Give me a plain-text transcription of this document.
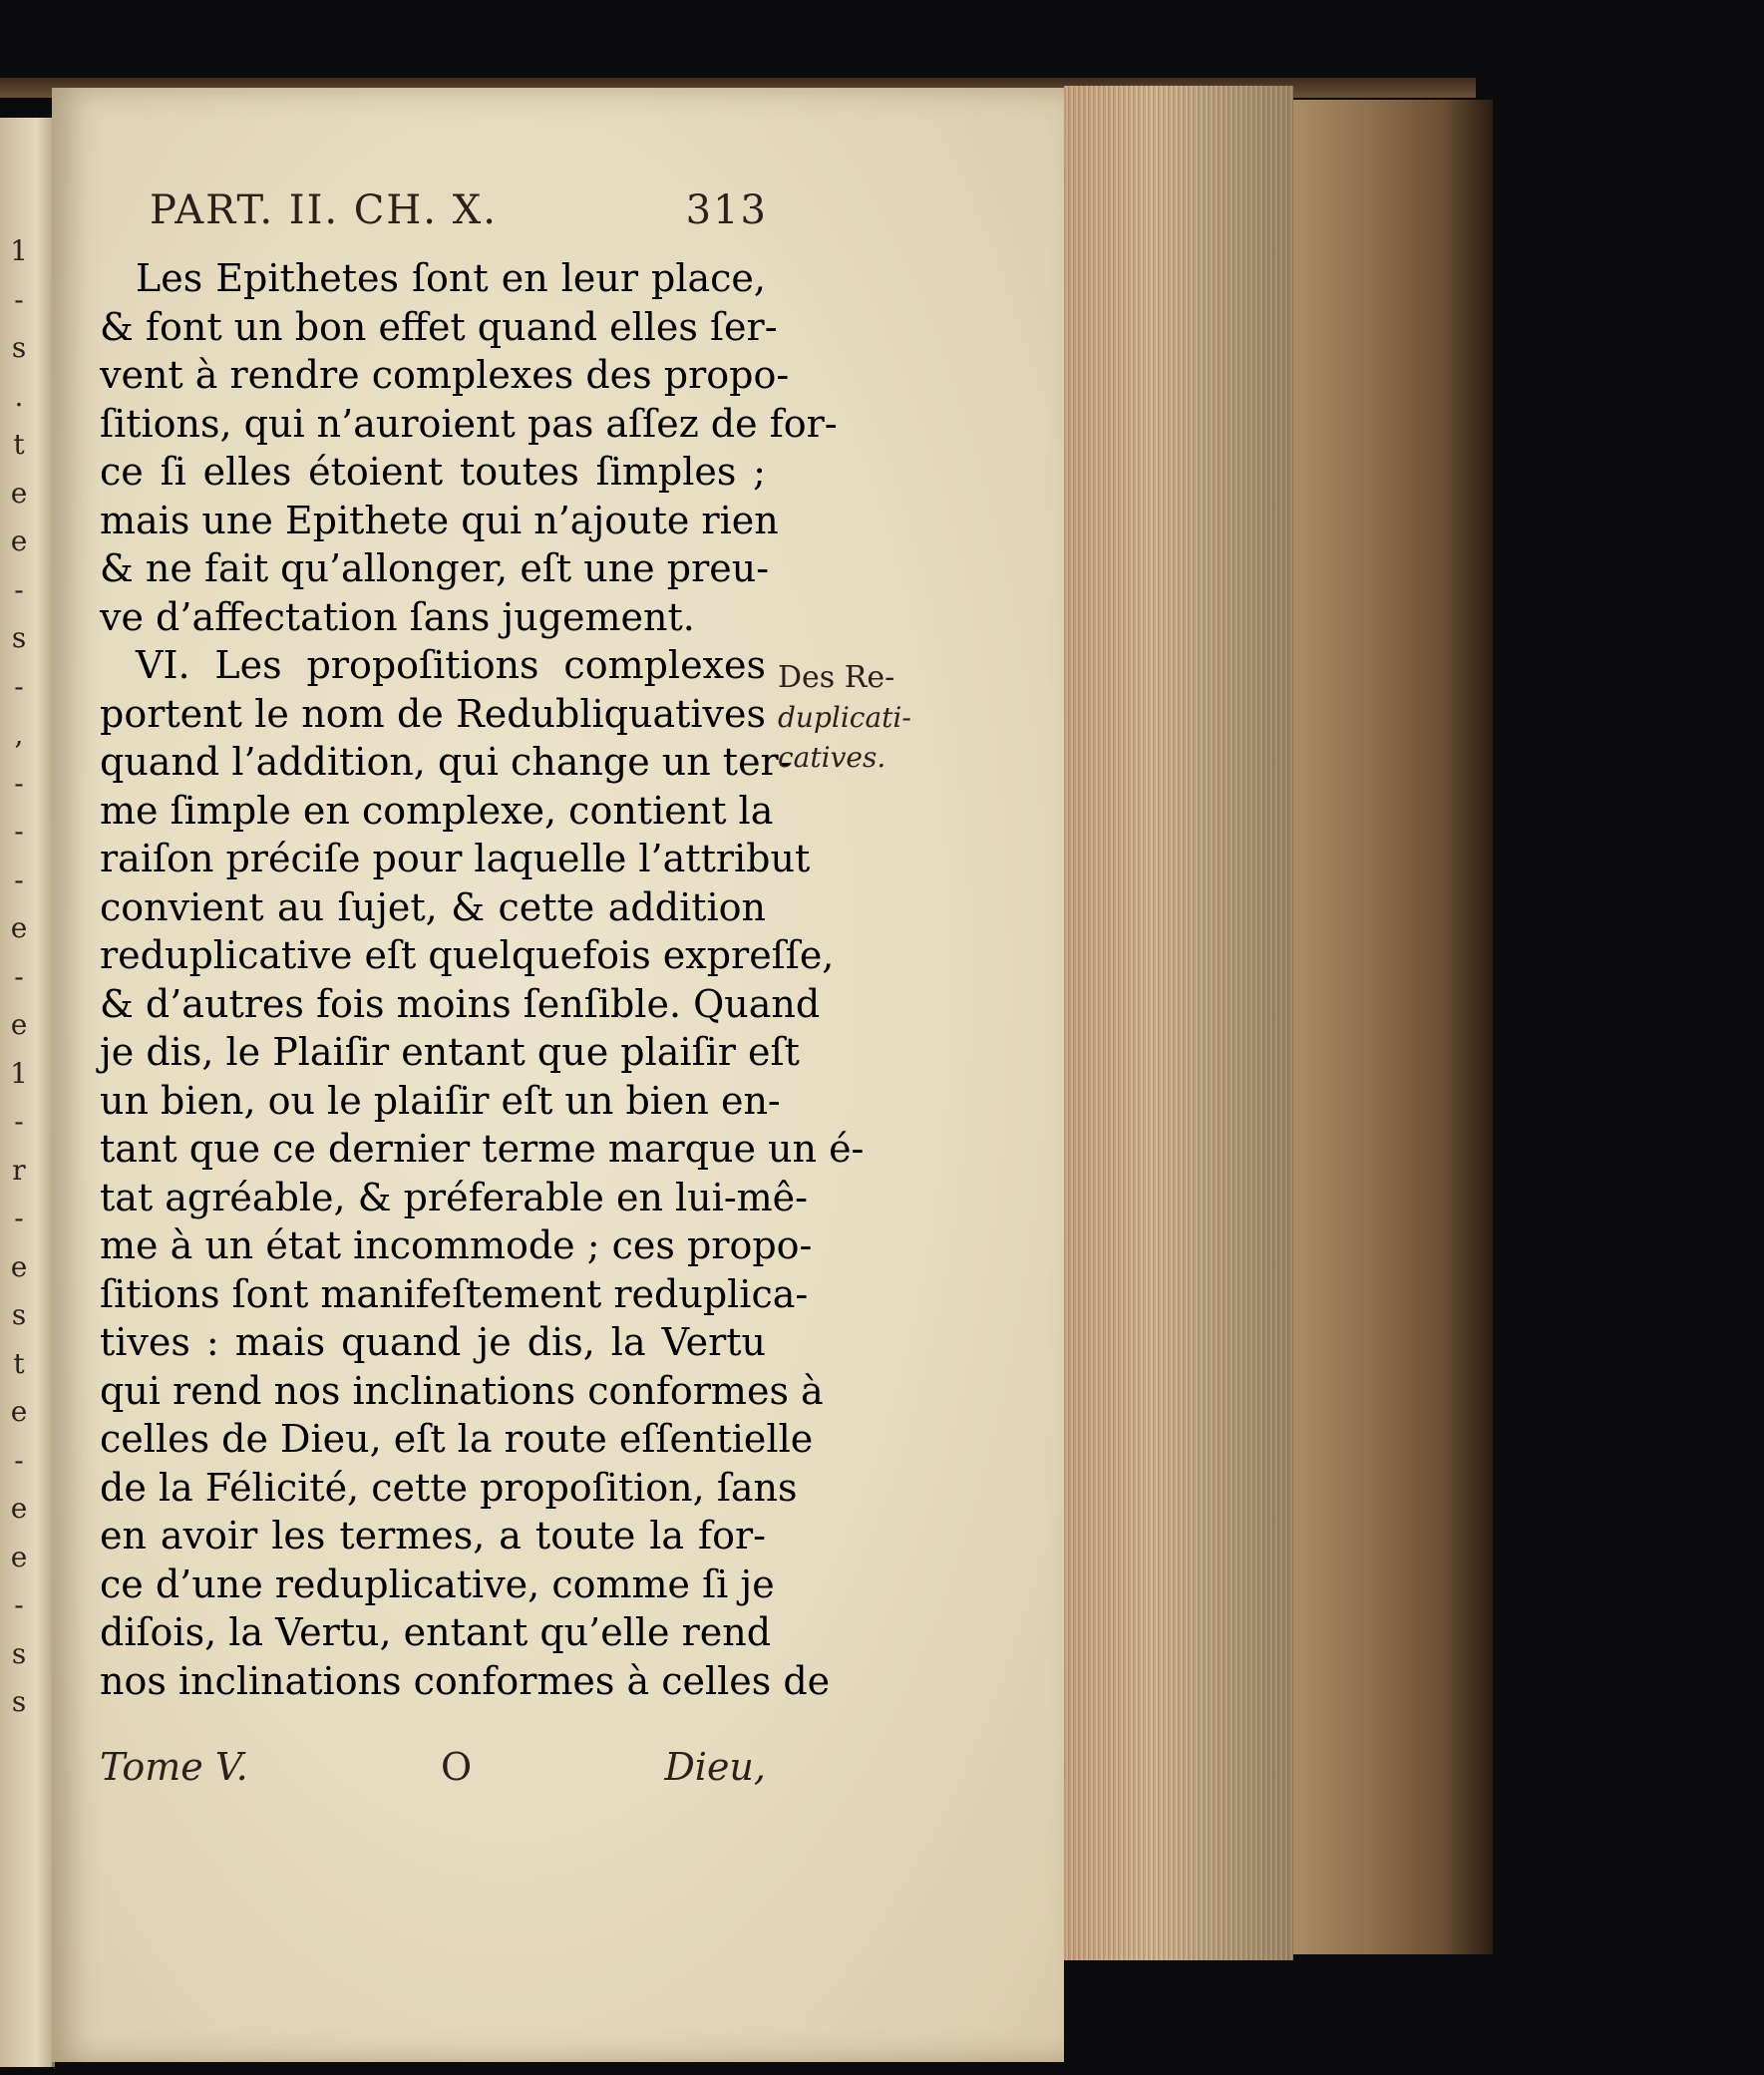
1
-
s
.
t
e
e
-
s
-
,
-
-
-
e
-
e
1
-
r
-
e
s
t
e
-
e
e
-
s
s
PART. II. CH. X.	313
Les Epithetes ſont en leur place,
& font un bon effet quand elles ſer-
vent à rendre complexes des propo-
ſitions, qui n’auroient pas aſſez de for-
ce ſi elles étoient toutes ſimples ;
mais une Epithete qui n’ajoute rien
& ne fait qu’allonger, eſt une preu-
ve d’affectation ſans jugement.
VI. Les propoſitions complexes
portent le nom de Redubliquatives
quand l’addition, qui change un ter-
me ſimple en complexe, contient la
raiſon préciſe pour laquelle l’attribut
convient au ſujet, & cette addition
reduplicative eſt quelquefois expreſſe,
& d’autres fois moins ſenſible. Quand
je dis, le Plaiſir entant que plaiſir eſt
un bien, ou le plaiſir eſt un bien en-
tant que ce dernier terme marque un é-
tat agréable, & préferable en lui-mê-
me à un état incommode ; ces propo-
ſitions ſont manifeſtement reduplica-
tives : mais quand je dis, la Vertu
qui rend nos inclinations conformes à
celles de Dieu, eſt la route eſſentielle
de la Félicité, cette propoſition, ſans
en avoir les termes, a toute la for-
ce d’une reduplicative, comme ſi je
diſois, la Vertu, entant qu’elle rend
nos inclinations conformes à celles de
Des Re-
duplicati-
catives.
Tome V.	O	Dieu,
